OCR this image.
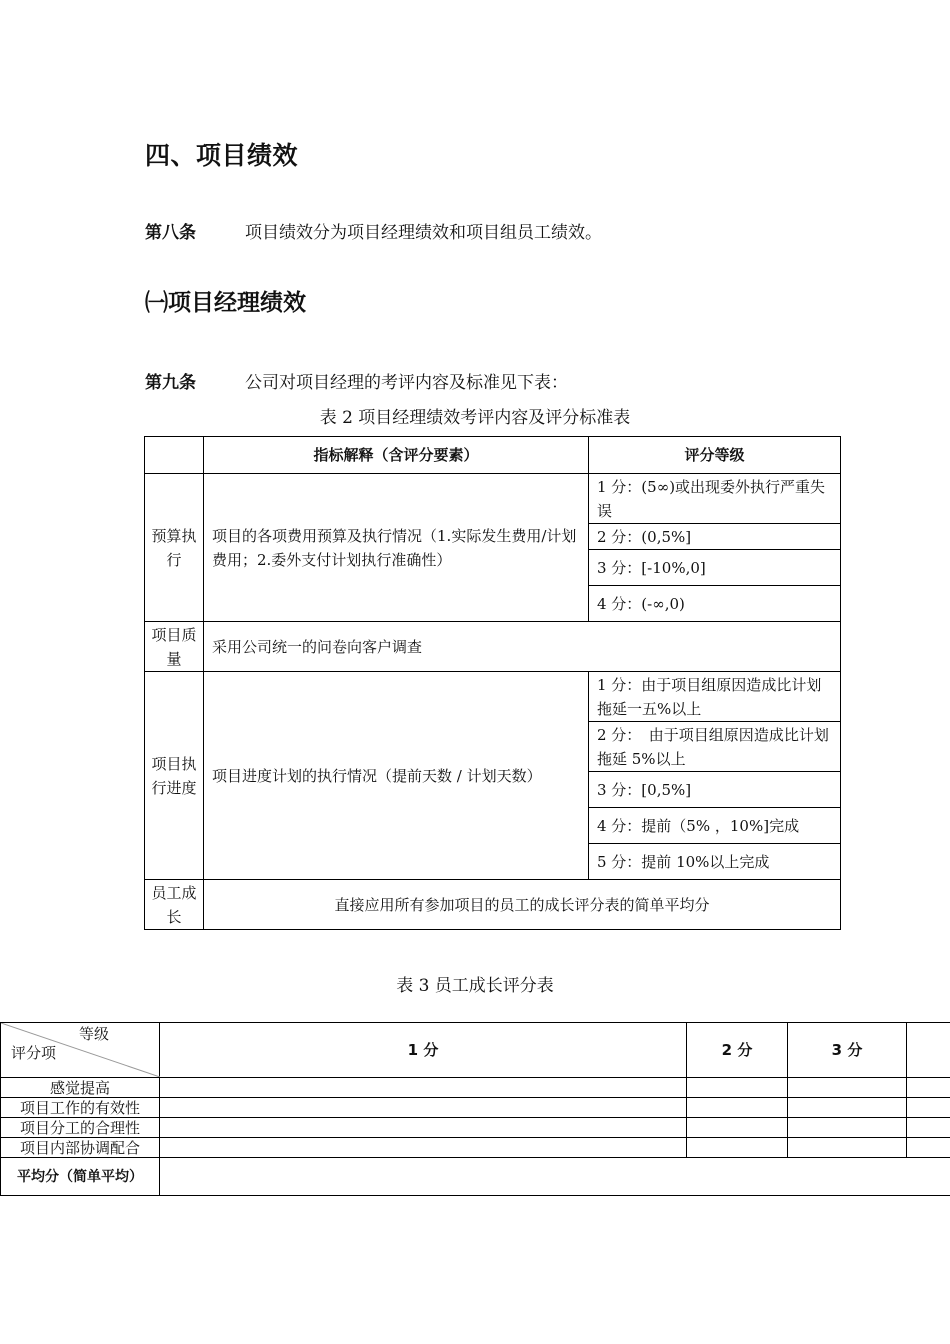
四、项目绩效
第八条	项目绩效分为项目经理绩效和项目组员工绩效。
㈠项目经理绩效
第九条	公司对项目经理的考评内容及标准见下表：
表 2 项目经理绩效考评内容及评分标准表
	指标解释（含评分要素）	评分等级
预算执行	项目的各项费用预算及执行情况（1.实际发生费用/计划费用；2.委外支付计划执行准确性）	1 分：(5∞)或出现委外执行严重失误
		2 分：(0,5%]
		3 分：[-10%,0]
		4 分：(-∞,0)
项目质量	采用公司统一的问卷向客户调查	
项目执行进度	项目进度计划的执行情况（提前天数 / 计划天数）	1 分：由于项目组原因造成比计划拖延一五%以上
		2 分：　由于项目组原因造成比计划拖延 5%以上
		3 分：[0,5%]
		4 分：提前（5% ，10%]完成
		5 分：提前 10%以上完成
员工成长	直接应用所有参加项目的员工的成长评分表的简单平均分	
表 3 员工成长评分表
等级
评分项	1 分	2 分	3 分	
感觉提高				
项目工作的有效性				
项目分工的合理性				
项目内部协调配合				
平均分（简单平均）				
